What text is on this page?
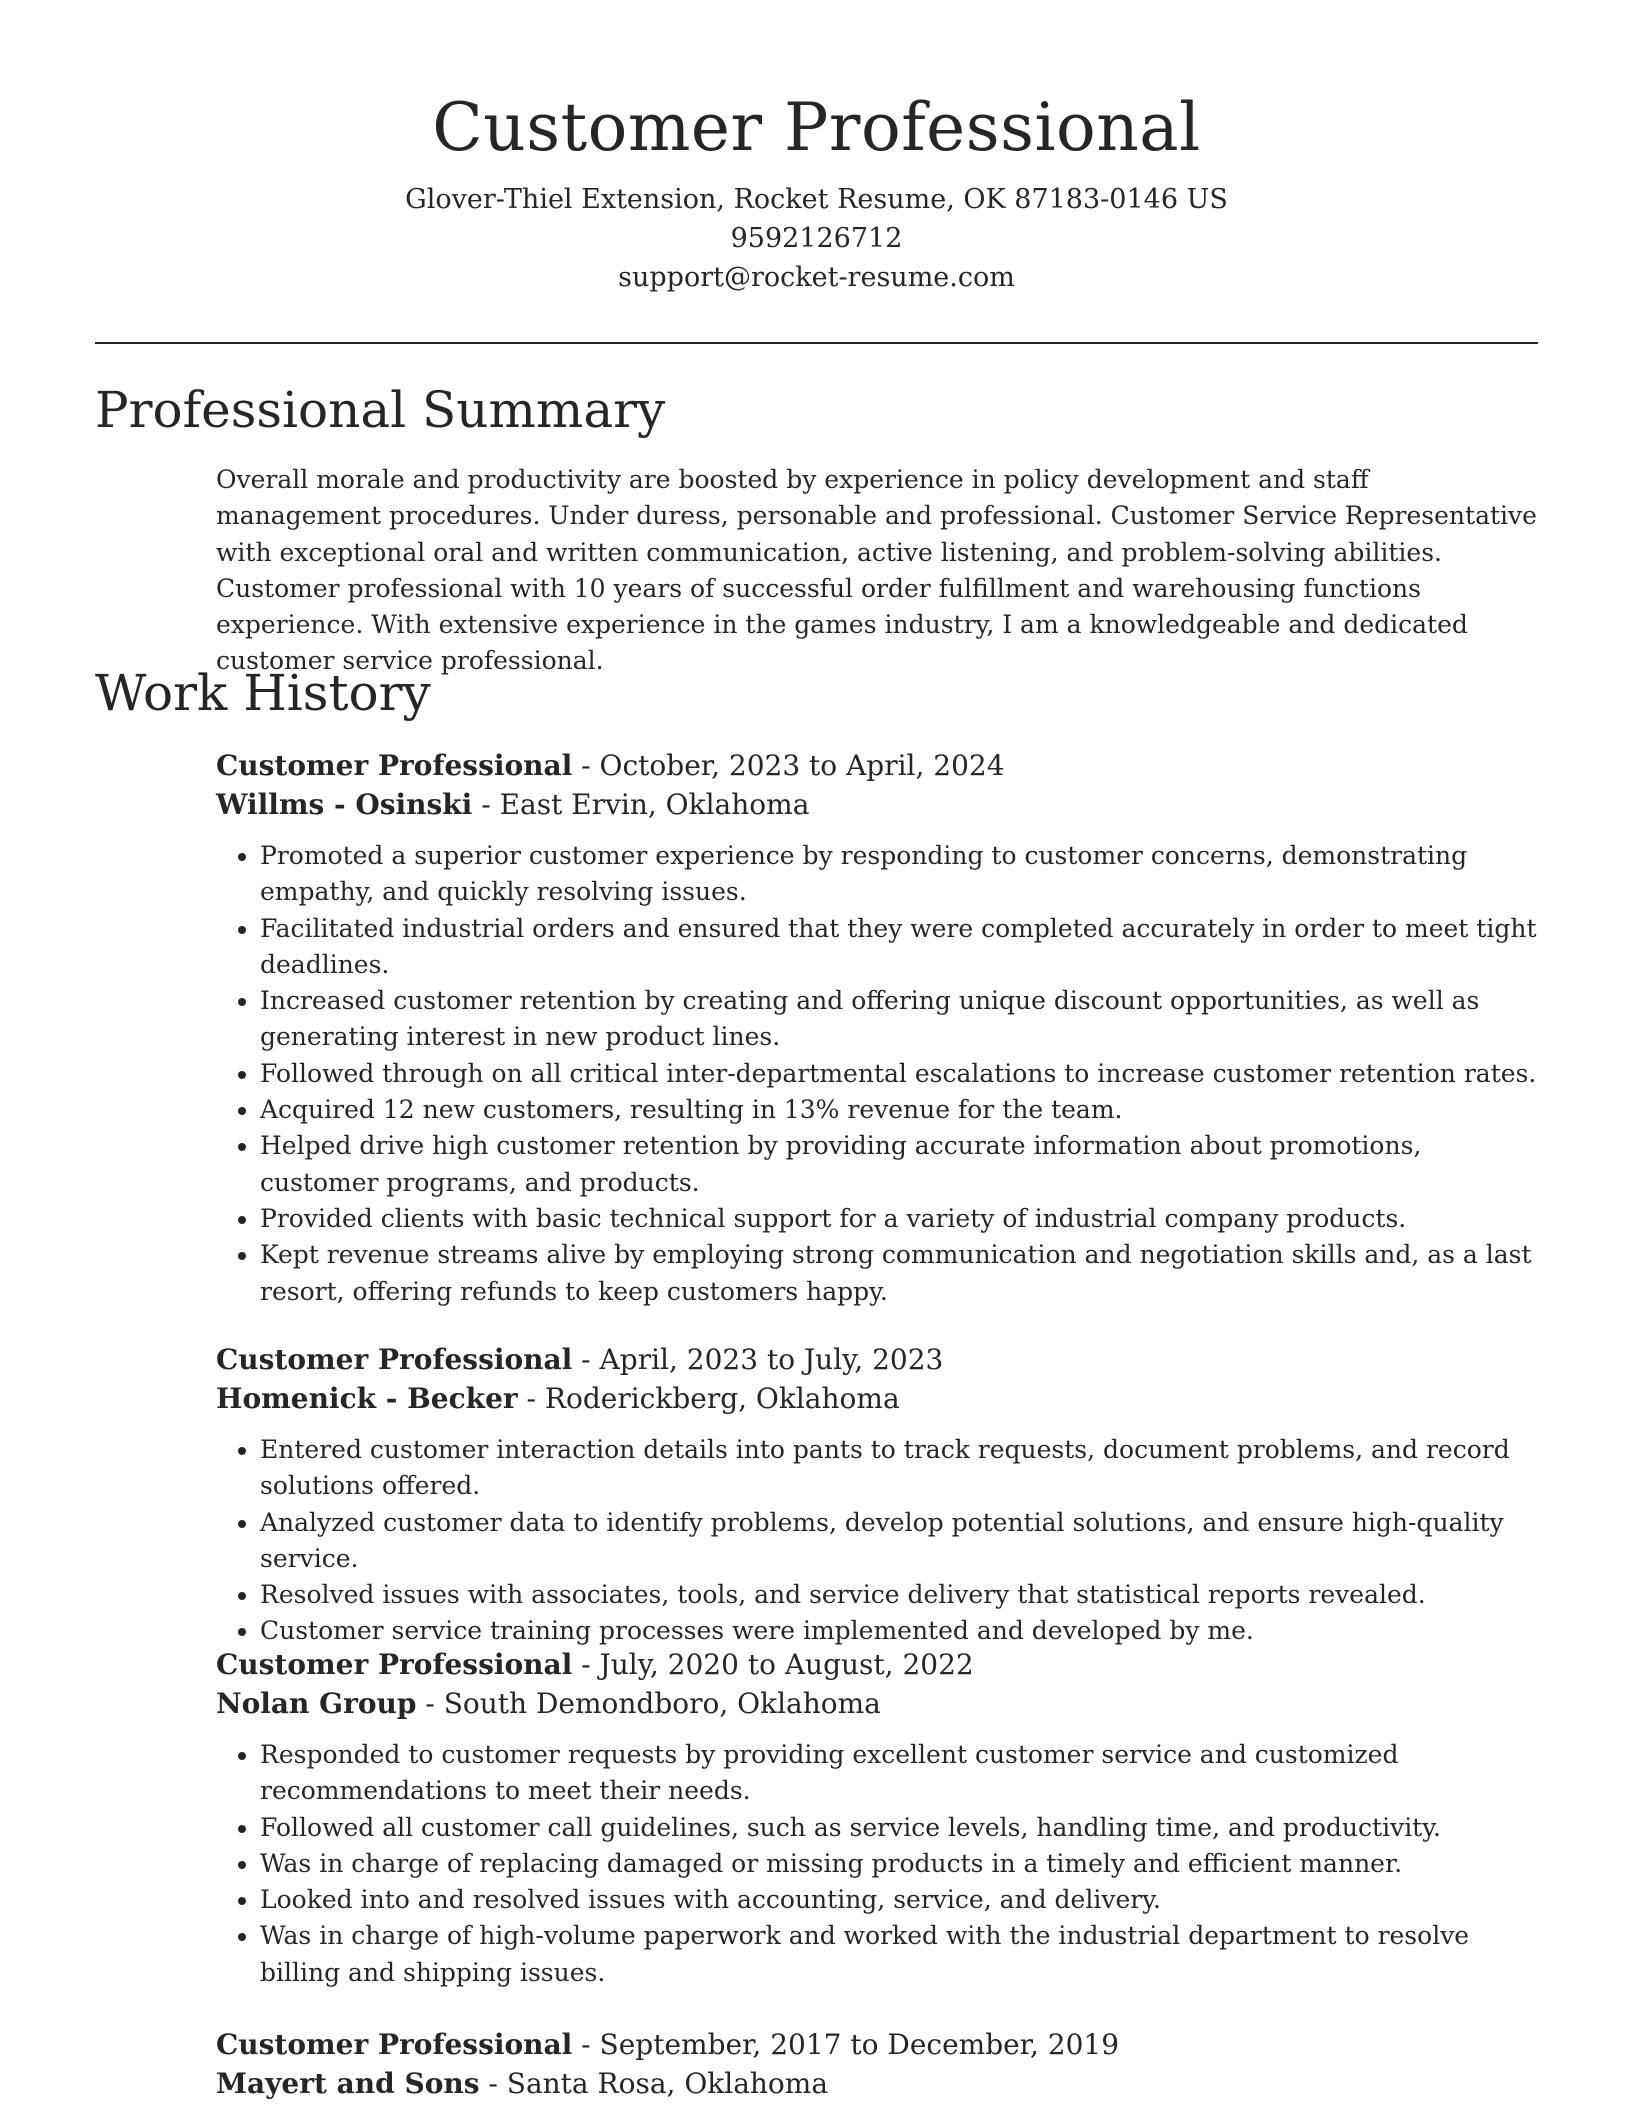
Customer Professional
Glover-Thiel Extension, Rocket Resume, OK 87183-0146 US
9592126712
support@rocket-resume.com
Professional Summary

Overall morale and productivity are boosted by experience in policy development and staff management procedures. Under duress, personable and professional. Customer Service Representative with exceptional oral and written communication, active listening, and problem-solving abilities. Customer professional with 10 years of successful order fulfillment and warehousing functions experience. With extensive experience in the games industry, I am a knowledgeable and dedicated customer service professional.

Work History
Customer Professional - October, 2023 to April, 2024
Willms - Osinski - East Ervin, Oklahoma
• Promoted a superior customer experience by responding to customer concerns, demonstrating empathy, and quickly resolving issues.
• Facilitated industrial orders and ensured that they were completed accurately in order to meet tight deadlines.
• Increased customer retention by creating and offering unique discount opportunities, as well as generating interest in new product lines.
• Followed through on all critical inter-departmental escalations to increase customer retention rates.
• Acquired 12 new customers, resulting in 13% revenue for the team.
• Helped drive high customer retention by providing accurate information about promotions, customer programs, and products.
• Provided clients with basic technical support for a variety of industrial company products.
• Kept revenue streams alive by employing strong communication and negotiation skills and, as a last resort, offering refunds to keep customers happy.
Customer Professional - April, 2023 to July, 2023
Homenick - Becker - Roderickberg, Oklahoma
• Entered customer interaction details into pants to track requests, document problems, and record solutions offered.
• Analyzed customer data to identify problems, develop potential solutions, and ensure high-quality service.
• Resolved issues with associates, tools, and service delivery that statistical reports revealed.
• Customer service training processes were implemented and developed by me.
Customer Professional - July, 2020 to August, 2022
Nolan Group - South Demondboro, Oklahoma
• Responded to customer requests by providing excellent customer service and customized recommendations to meet their needs.
• Followed all customer call guidelines, such as service levels, handling time, and productivity.
• Was in charge of replacing damaged or missing products in a timely and efficient manner.
• Looked into and resolved issues with accounting, service, and delivery.
• Was in charge of high-volume paperwork and worked with the industrial department to resolve billing and shipping issues.
Customer Professional - September, 2017 to December, 2019
Mayert and Sons - Santa Rosa, Oklahoma
